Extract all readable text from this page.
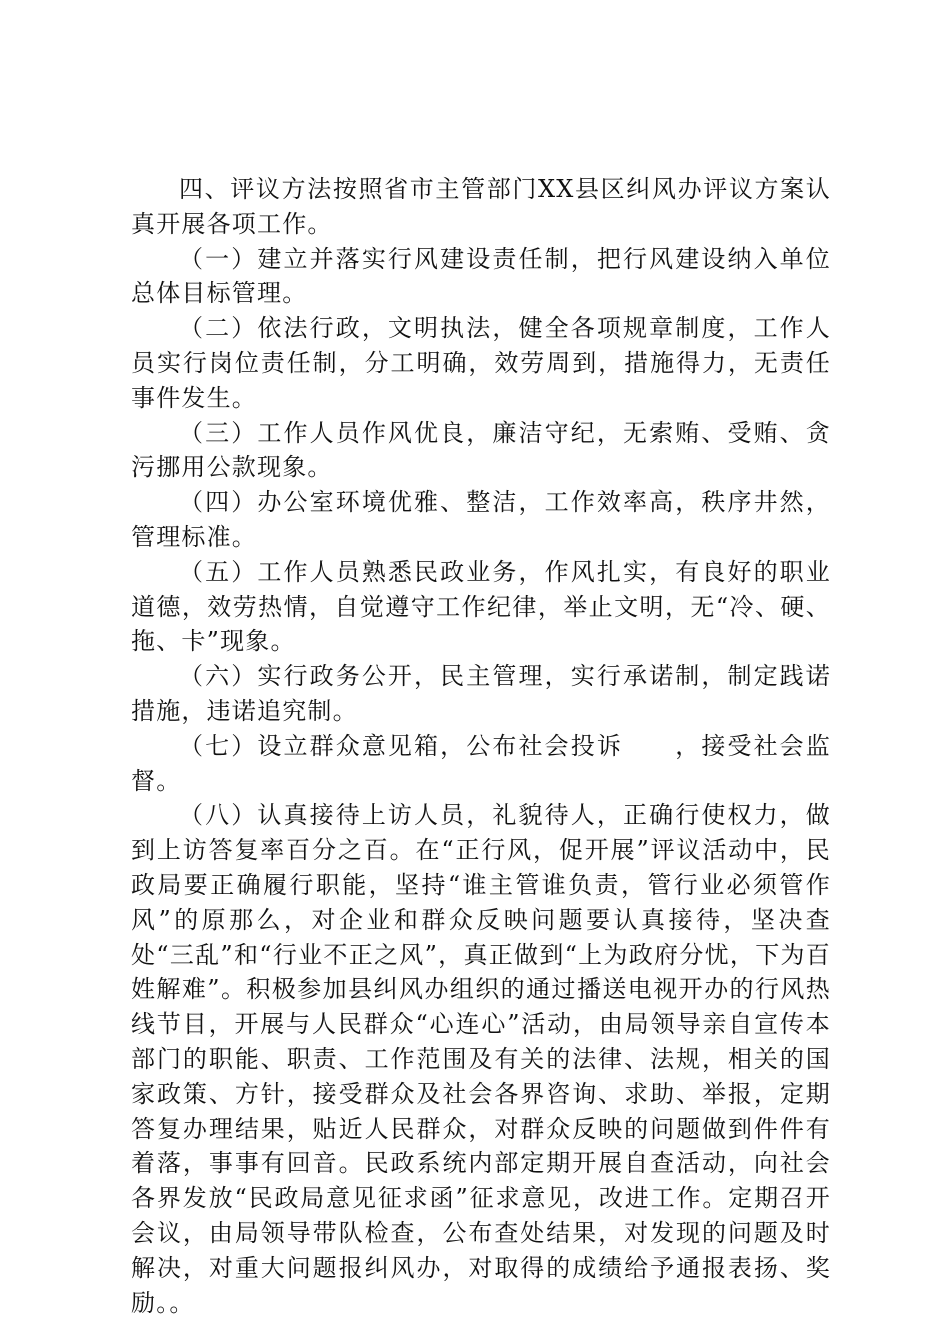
四、评议方法按照省市主管部门XX县区纠风办评议方案认真开展各项工作。

（一）建立并落实行风建设责任制，把行风建设纳入单位总体目标管理。

（二）依法行政，文明执法，健全各项规章制度，工作人员实行岗位责任制，分工明确，效劳周到，措施得力，无责任事件发生。

（三）工作人员作风优良，廉洁守纪，无索贿、受贿、贪污挪用公款现象。

（四）办公室环境优雅、整洁，工作效率高，秩序井然，管理标准。

（五）工作人员熟悉民政业务，作风扎实，有良好的职业道德，效劳热情，自觉遵守工作纪律，举止文明，无“冷、硬、拖、卡”现象。

（六）实行政务公开，民主管理，实行承诺制，制定践诺措施，违诺追究制。

（七）设立群众意见箱，公布社会投诉　　，接受社会监督。

（八）认真接待上访人员，礼貌待人，正确行使权力，做到上访答复率百分之百。在“正行风，促开展”评议活动中，民政局要正确履行职能，坚持“谁主管谁负责，管行业必须管作风”的原那么，对企业和群众反映问题要认真接待，坚决查处“三乱”和“行业不正之风”，真正做到“上为政府分忧，下为百姓解难”。积极参加县纠风办组织的通过播送电视开办的行风热线节目，开展与人民群众“心连心”活动，由局领导亲自宣传本部门的职能、职责、工作范围及有关的法律、法规，相关的国家政策、方针，接受群众及社会各界咨询、求助、举报，定期答复办理结果，贴近人民群众，对群众反映的问题做到件件有着落，事事有回音。民政系统内部定期开展自查活动，向社会各界发放“民政局意见征求函”征求意见，改进工作。定期召开会议，由局领导带队检查，公布查处结果，对发现的问题及时解决，对重大问题报纠风办，对取得的成绩给予通报表扬、奖励。。
